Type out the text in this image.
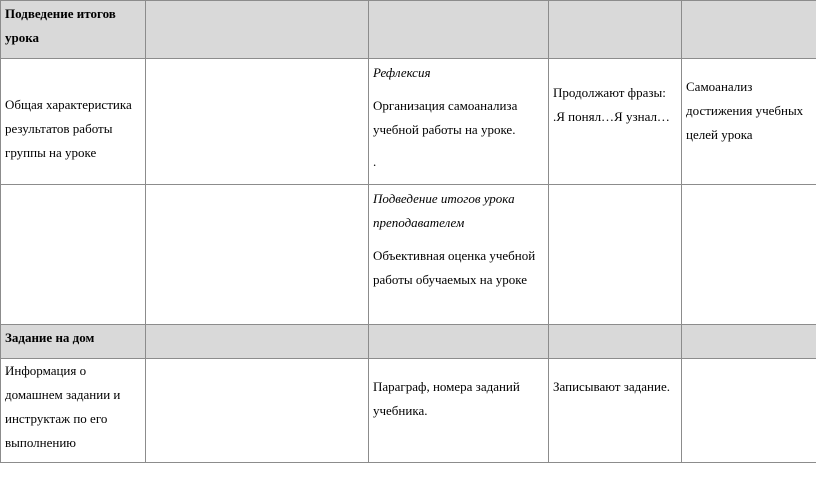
Подведение итогов урока				

Общая характеристика результатов работы группы на уроке		Рефлексия
Организация самоанализа учебной работы на уроке.
.	Продолжают фразы: .Я понял…Я узнал…	Самоанализ достижения учебных целей урока

		Подведение итогов урока преподавателем
Объективная оценка учебной работы обучаемых на уроке		

Задание на дом				

Информация о домашнем задании и инструктаж по его выполнению		Параграф, номера заданий учебника.	Записывают задание.	
